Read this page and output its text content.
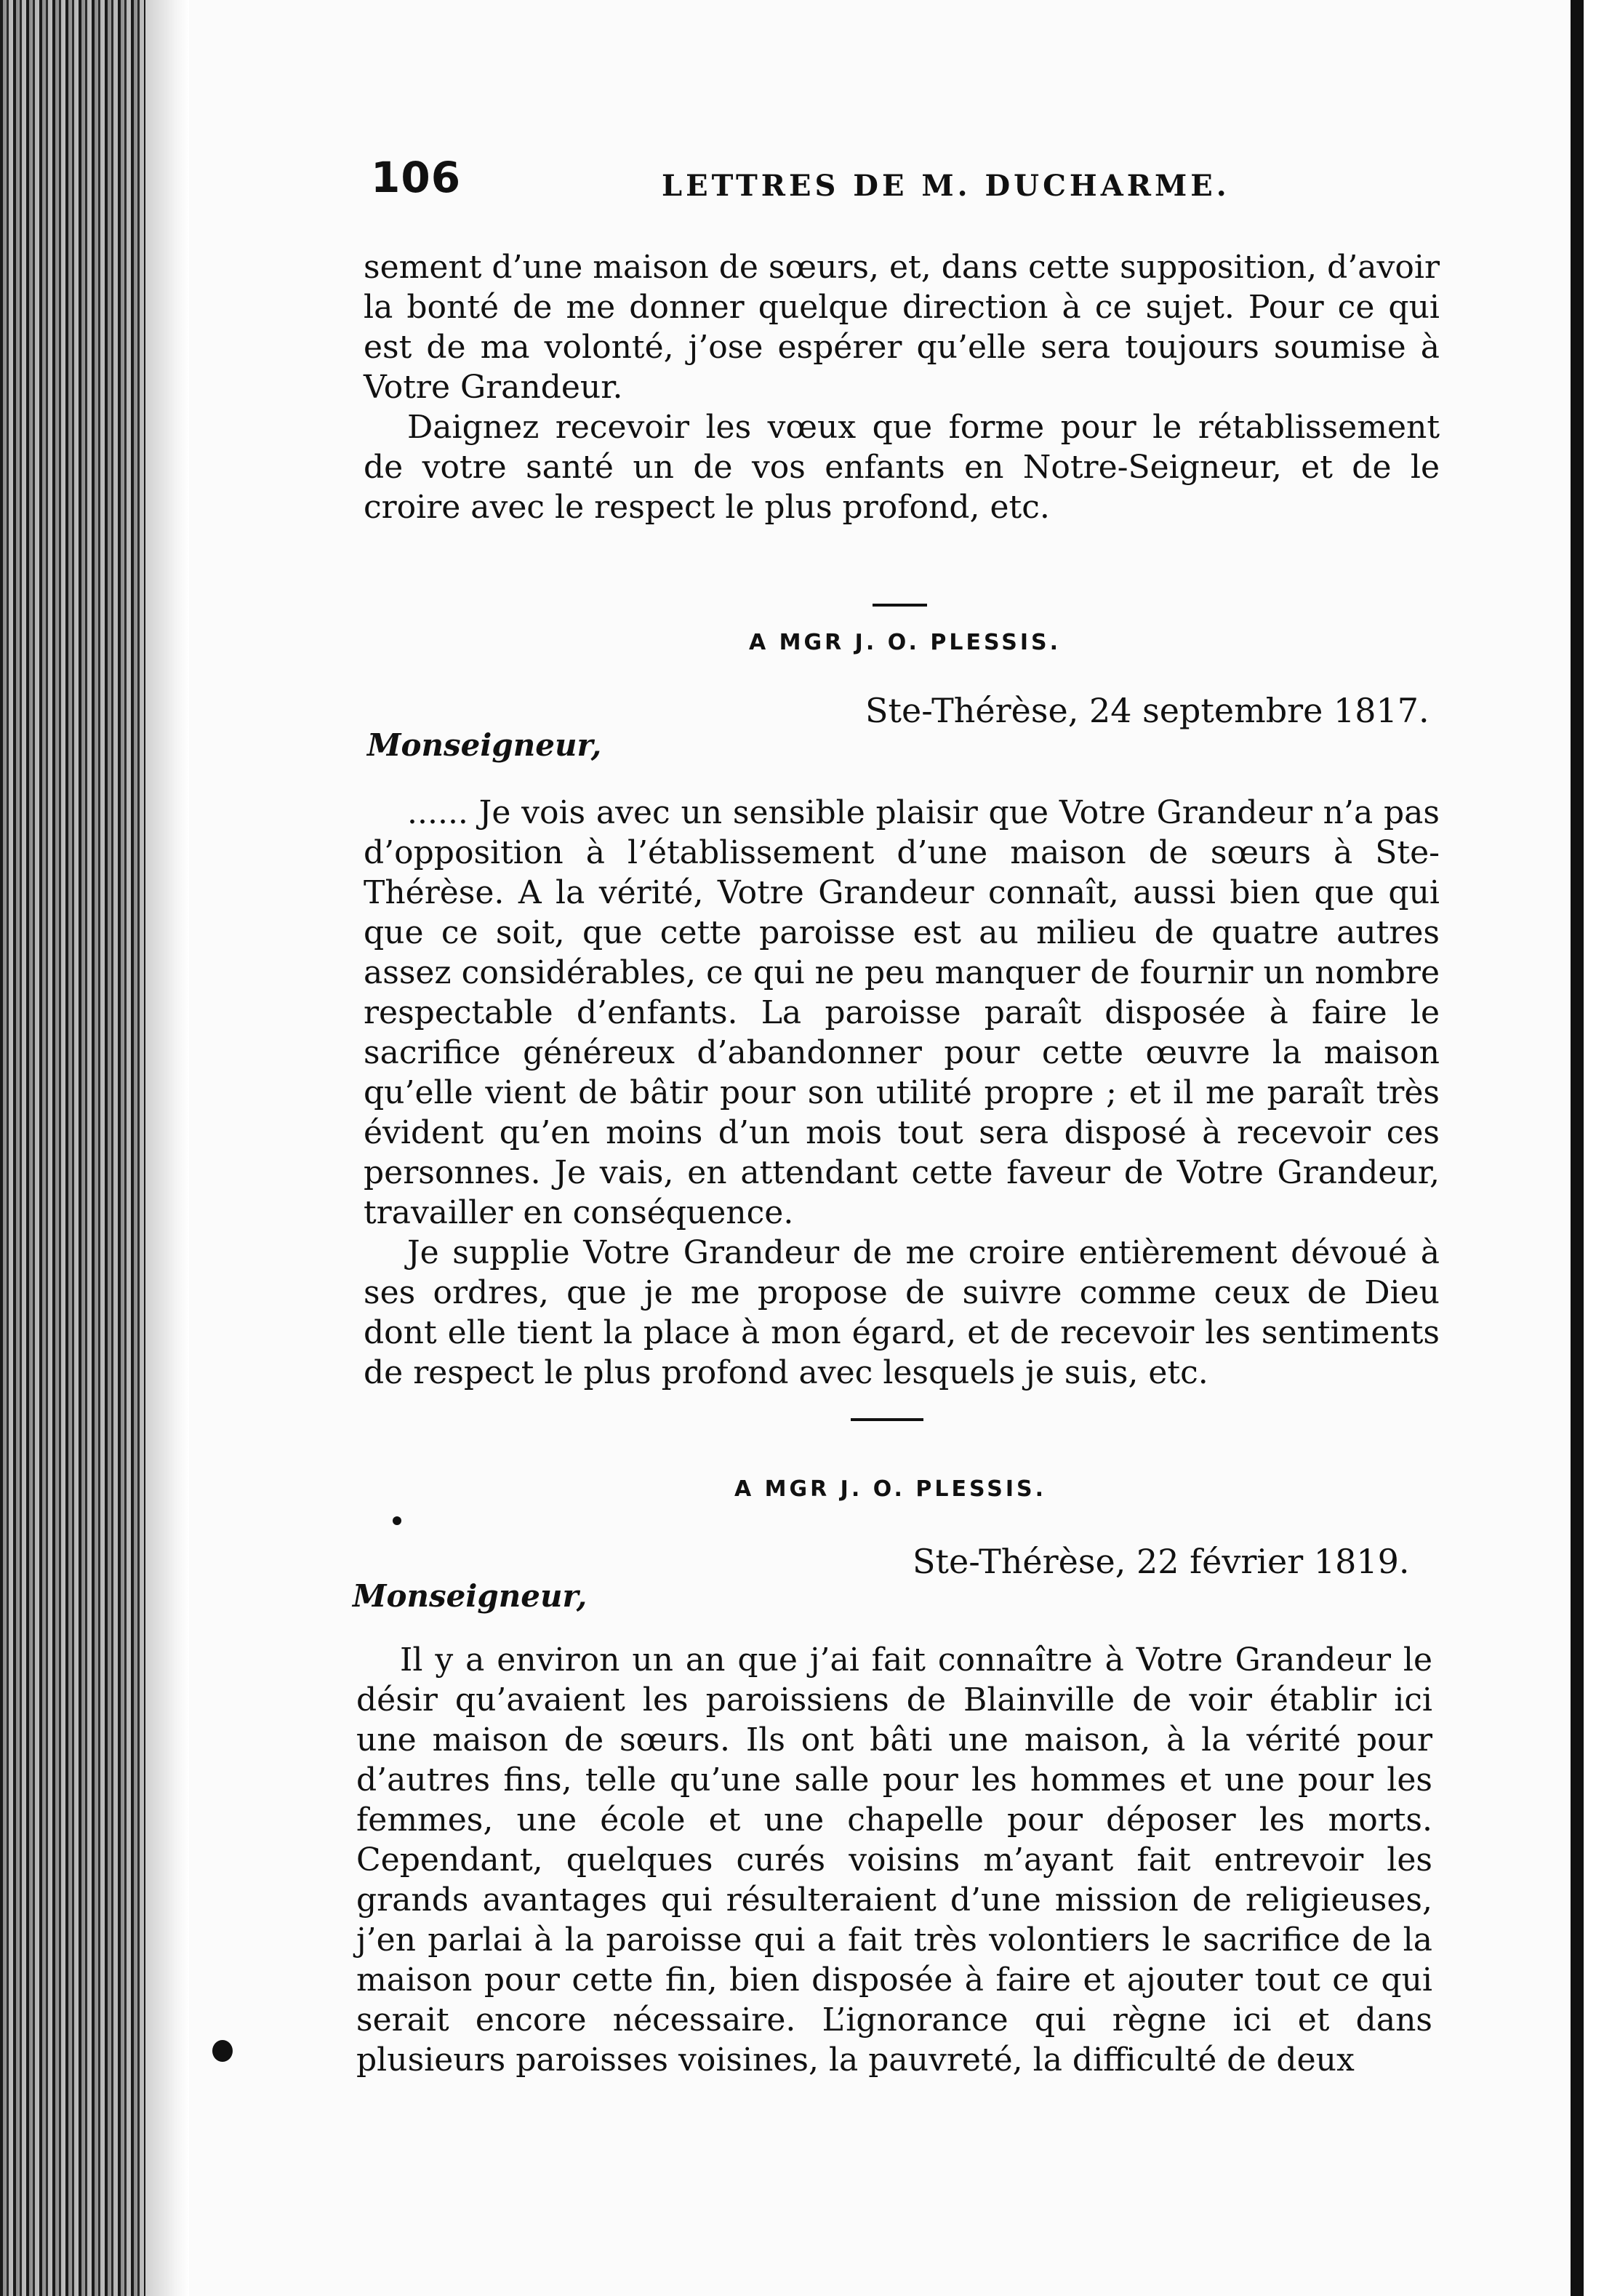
106	LETTRES DE M. DUCHARME.

sement d’une maison de sœurs, et, dans cette supposition, d’avoir la bonté de me donner quelque direction à ce sujet. Pour ce qui est de ma volonté, j’ose espérer qu’elle sera toujours soumise à Votre Grandeur.

Daignez recevoir les vœux que forme pour le rétablissement de votre santé un de vos enfants en Notre-Seigneur, et de le croire avec le respect le plus profond, etc.

A MGR J. O. PLESSIS.
Ste-Thérèse, 24 septembre 1817.
Monseigneur,

...... Je vois avec un sensible plaisir que Votre Grandeur n’a pas d’opposition à l’établissement d’une maison de sœurs à Ste-Thérèse. A la vérité, Votre Grandeur connaît, aussi bien que qui que ce soit, que cette paroisse est au milieu de quatre autres assez considérables, ce qui ne peu manquer de fournir un nombre respectable d’enfants. La paroisse paraît disposée à faire le sacrifice généreux d’abandonner pour cette œuvre la maison qu’elle vient de bâtir pour son utilité propre ; et il me paraît très évident qu’en moins d’un mois tout sera disposé à recevoir ces personnes. Je vais, en attendant cette faveur de Votre Grandeur, travailler en conséquence.

Je supplie Votre Grandeur de me croire entièrement dévoué à ses ordres, que je me propose de suivre comme ceux de Dieu dont elle tient la place à mon égard, et de recevoir les sentiments de respect le plus profond avec lesquels je suis, etc.

A MGR J. O. PLESSIS.
Ste-Thérèse, 22 février 1819.
Monseigneur,

Il y a environ un an que j’ai fait connaître à Votre Grandeur le désir qu’avaient les paroissiens de Blainville de voir établir ici une maison de sœurs. Ils ont bâti une maison, à la vérité pour d’autres fins, telle qu’une salle pour les hommes et une pour les femmes, une école et une chapelle pour déposer les morts. Cependant, quelques curés voisins m’ayant fait entrevoir les grands avantages qui résulteraient d’une mission de religieuses, j’en parlai à la paroisse qui a fait très volontiers le sacrifice de la maison pour cette fin, bien disposée à faire et ajouter tout ce qui serait encore nécessaire. L’ignorance qui règne ici et dans plusieurs paroisses voisines, la pauvreté, la difficulté de deux
